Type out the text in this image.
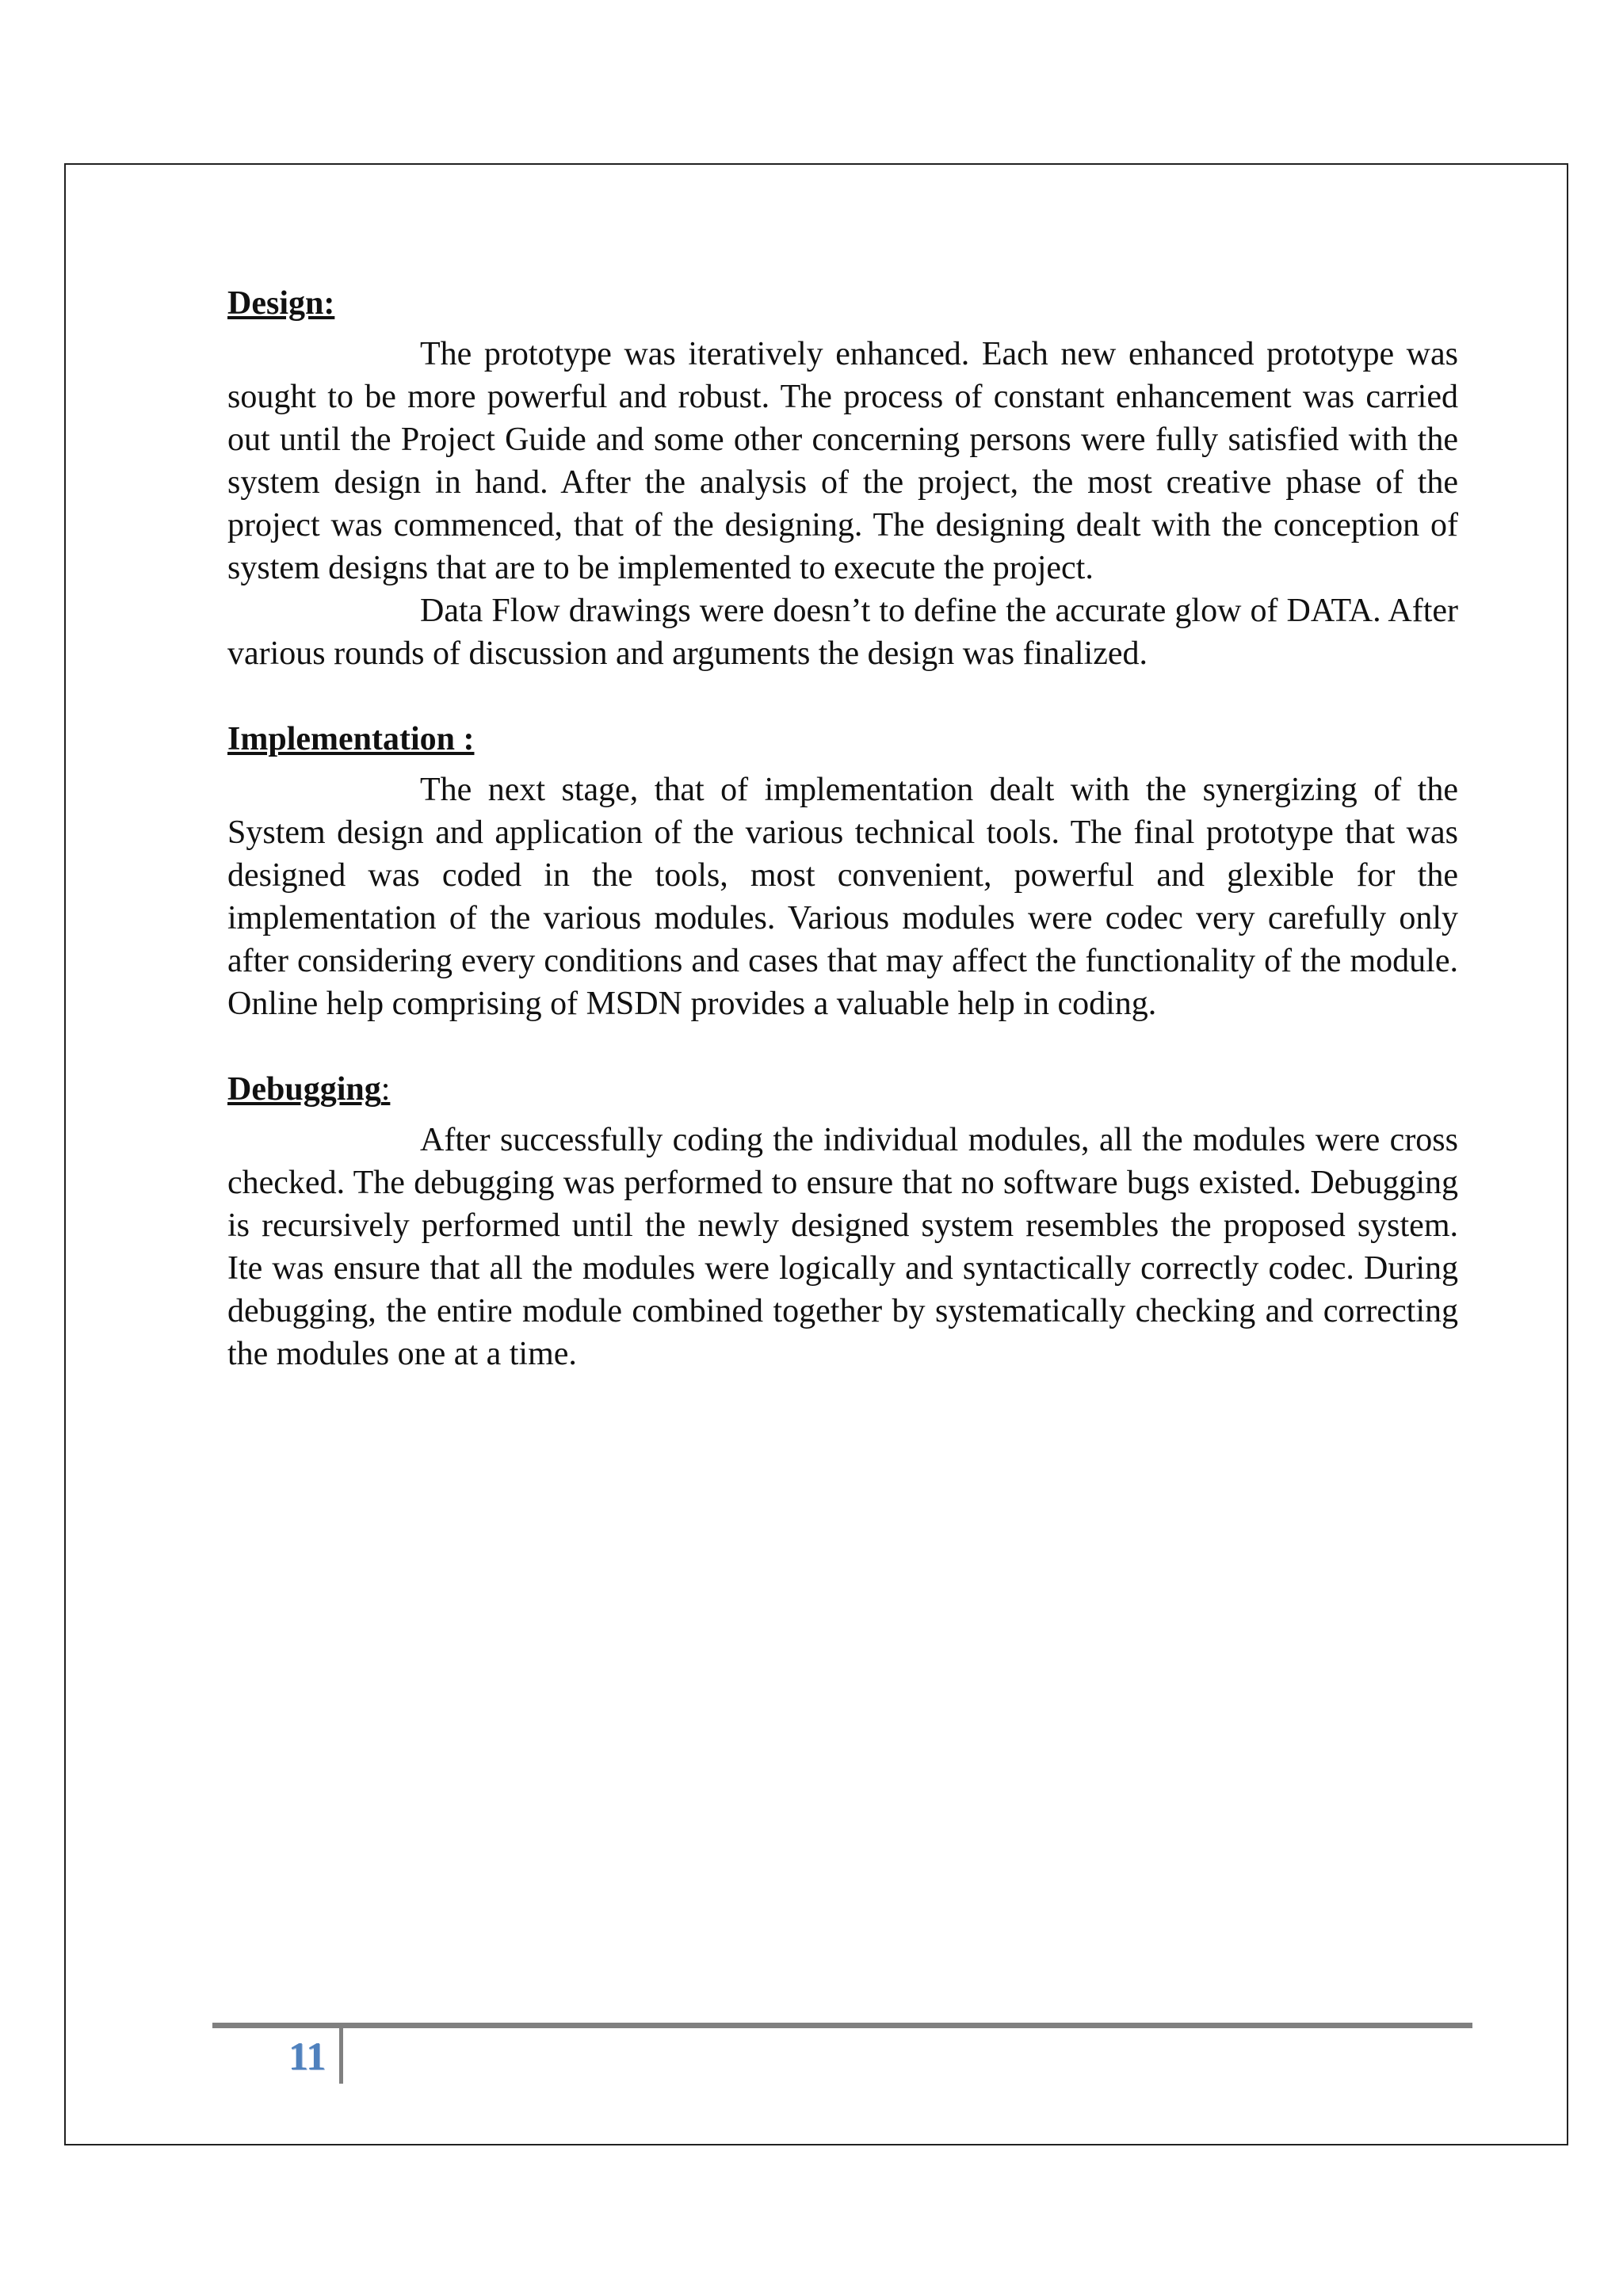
Design:

The prototype was iteratively enhanced. Each new enhanced prototype was sought to be more powerful and robust. The process of constant enhancement was carried out until the Project Guide and some other concerning persons were fully satisfied with the system design in hand. After the analysis of the project, the most creative phase of the project was commenced, that of the designing. The designing dealt with the conception of system designs that are to be implemented to execute the project.

Data Flow drawings were doesn’t to define the accurate glow of DATA. After various rounds of discussion and arguments the design was finalized.

Implementation :

The next stage, that of implementation dealt with the synergizing of the System design and application of the various technical tools. The final prototype that was designed was coded in the tools, most convenient, powerful and glexible for the implementation of the various modules. Various modules were codec very carefully only after considering every conditions and cases that may affect the functionality of the module. Online help comprising of MSDN provides a valuable help in coding.

Debugging:

After successfully coding the individual modules, all the modules were cross checked. The debugging was performed to ensure that no software bugs existed. Debugging is recursively performed until the newly designed system resembles the proposed system. Ite was ensure that all the modules were logically and syntactically correctly codec. During debugging, the entire module combined together by systematically checking and correcting the modules one at a time.

11
